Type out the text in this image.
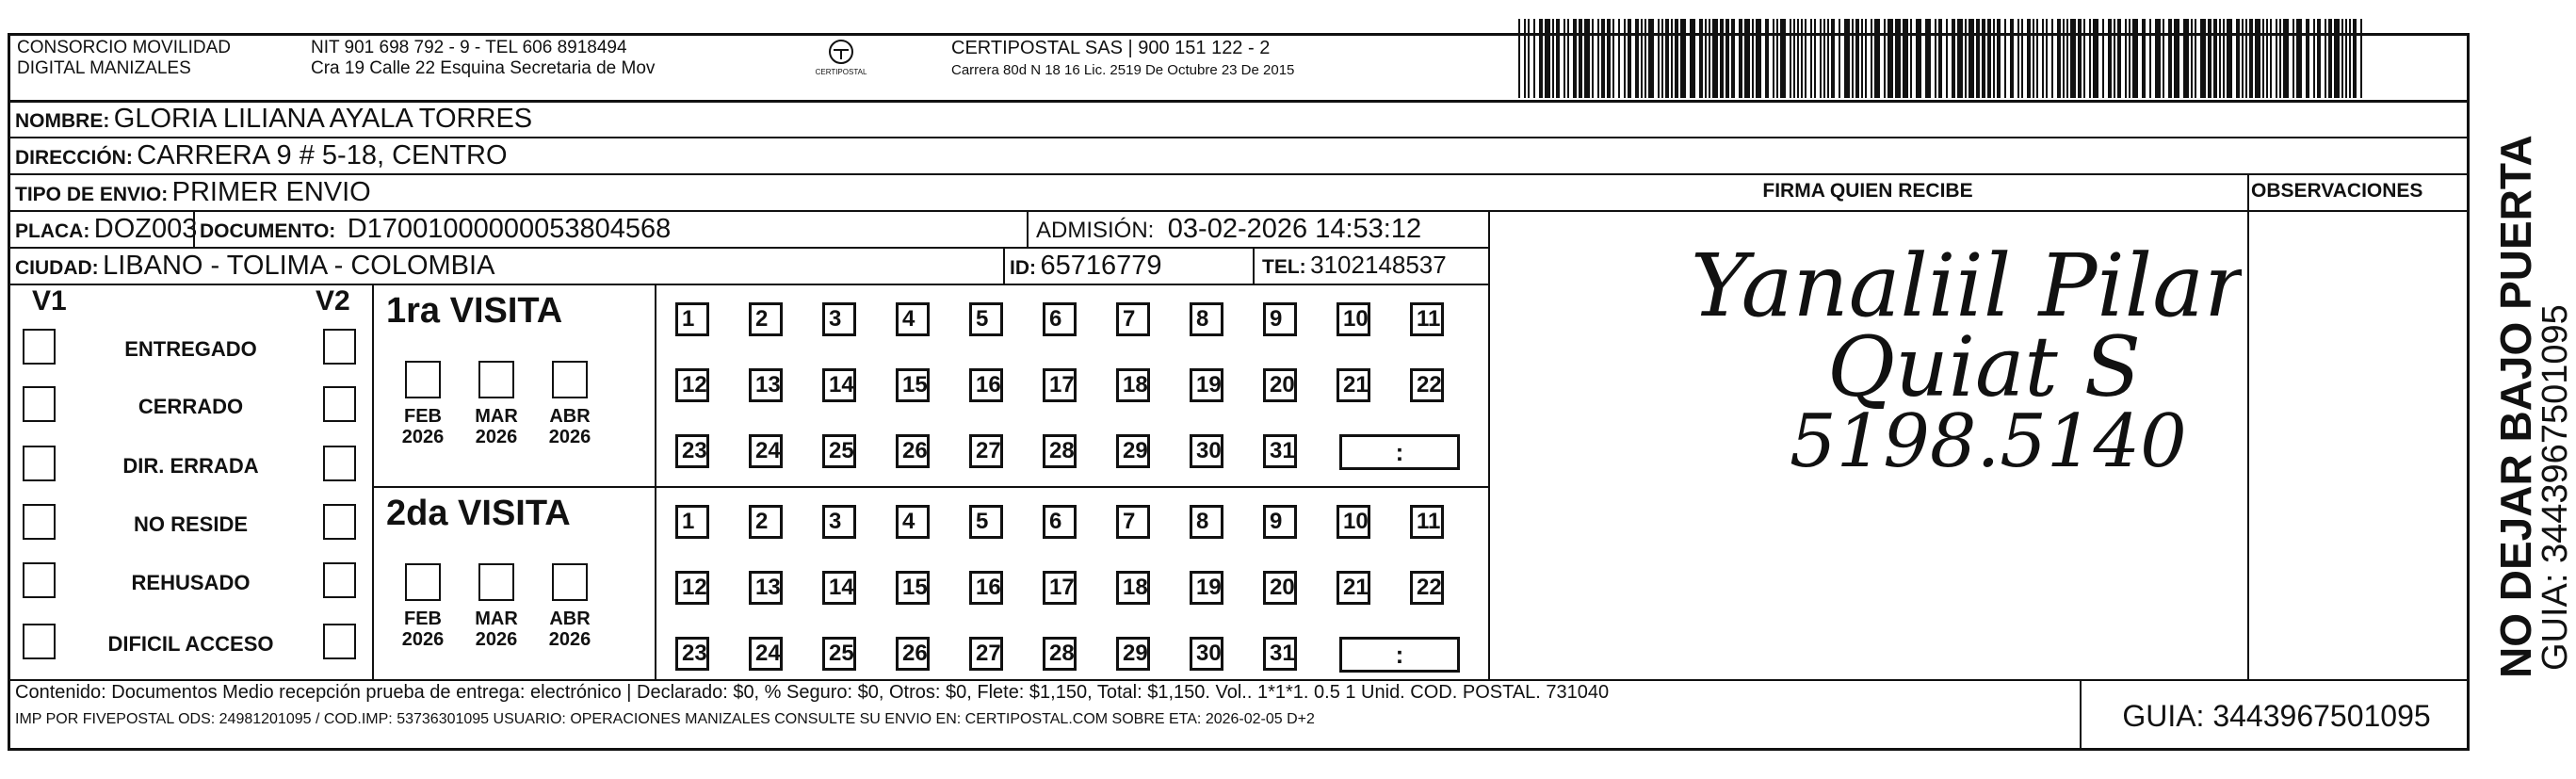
CONSORCIO MOVILIDAD
DIGITAL MANIZALES
NIT 901 698 792 - 9 - TEL 606 8918494
Cra 19 Calle 22 Esquina Secretaria de Mov	CERTIPOSTAL
CERTIPOSTAL SAS | 900 151 122 - 2
Carrera 80d N 18 16 Lic. 2519 De Octubre 23 De 2015
NOMBRE: GLORIA LILIANA AYALA TORRES
DIRECCIÓN: CARRERA 9 # 5-18, CENTRO
TIPO DE ENVIO: PRIMER ENVIO
PLACA: DOZ003 DOCUMENTO: D17001000000053804568	ADMISIÓN: 03-02-2026 14:53:12
CIUDAD: LIBANO - TOLIMA - COLOMBIA	ID: 65716779	TEL: 3102148537
FIRMA QUIEN RECIBE	OBSERVACIONES
Yanaliil Pilar
Quiat S
5198.5140
V1	V2
ENTREGADO
CERRADO
DIR. ERRADA
NO RESIDE
REHUSADO
DIFICIL ACCESO
1ra VISITA
FEB
2026
MAR
2026
ABR
2026
1	2	3	4	5	6	7	8	9	10 11
12 13 14 15 16 17 18 19 20 21 22
23 24 25 26 27 28 29 30 31	:
2da VISITA
FEB
2026
MAR
2026
ABR
2026
1	2	3	4	5	6	7	8	9	10 11
12 13 14 15 16 17 18 19 20 21 22
23 24 25 26 27 28 29 30 31	:
Contenido: Documentos Medio recepción prueba de entrega: electrónico | Declarado: $0, % Seguro: $0, Otros: $0, Flete: $1,150, Total: $1,150. Vol.. 1*1*1. 0.5 1 Unid. COD. POSTAL. 731040
IMP POR FIVEPOSTAL ODS: 24981201095 / COD.IMP: 53736301095 USUARIO: OPERACIONES MANIZALES CONSULTE SU ENVIO EN: CERTIPOSTAL.COM SOBRE ETA: 2026-02-05 D+2	GUIA: 3443967501095
NO DEJAR BAJO PUERTA
GUIA: 3443967501095
